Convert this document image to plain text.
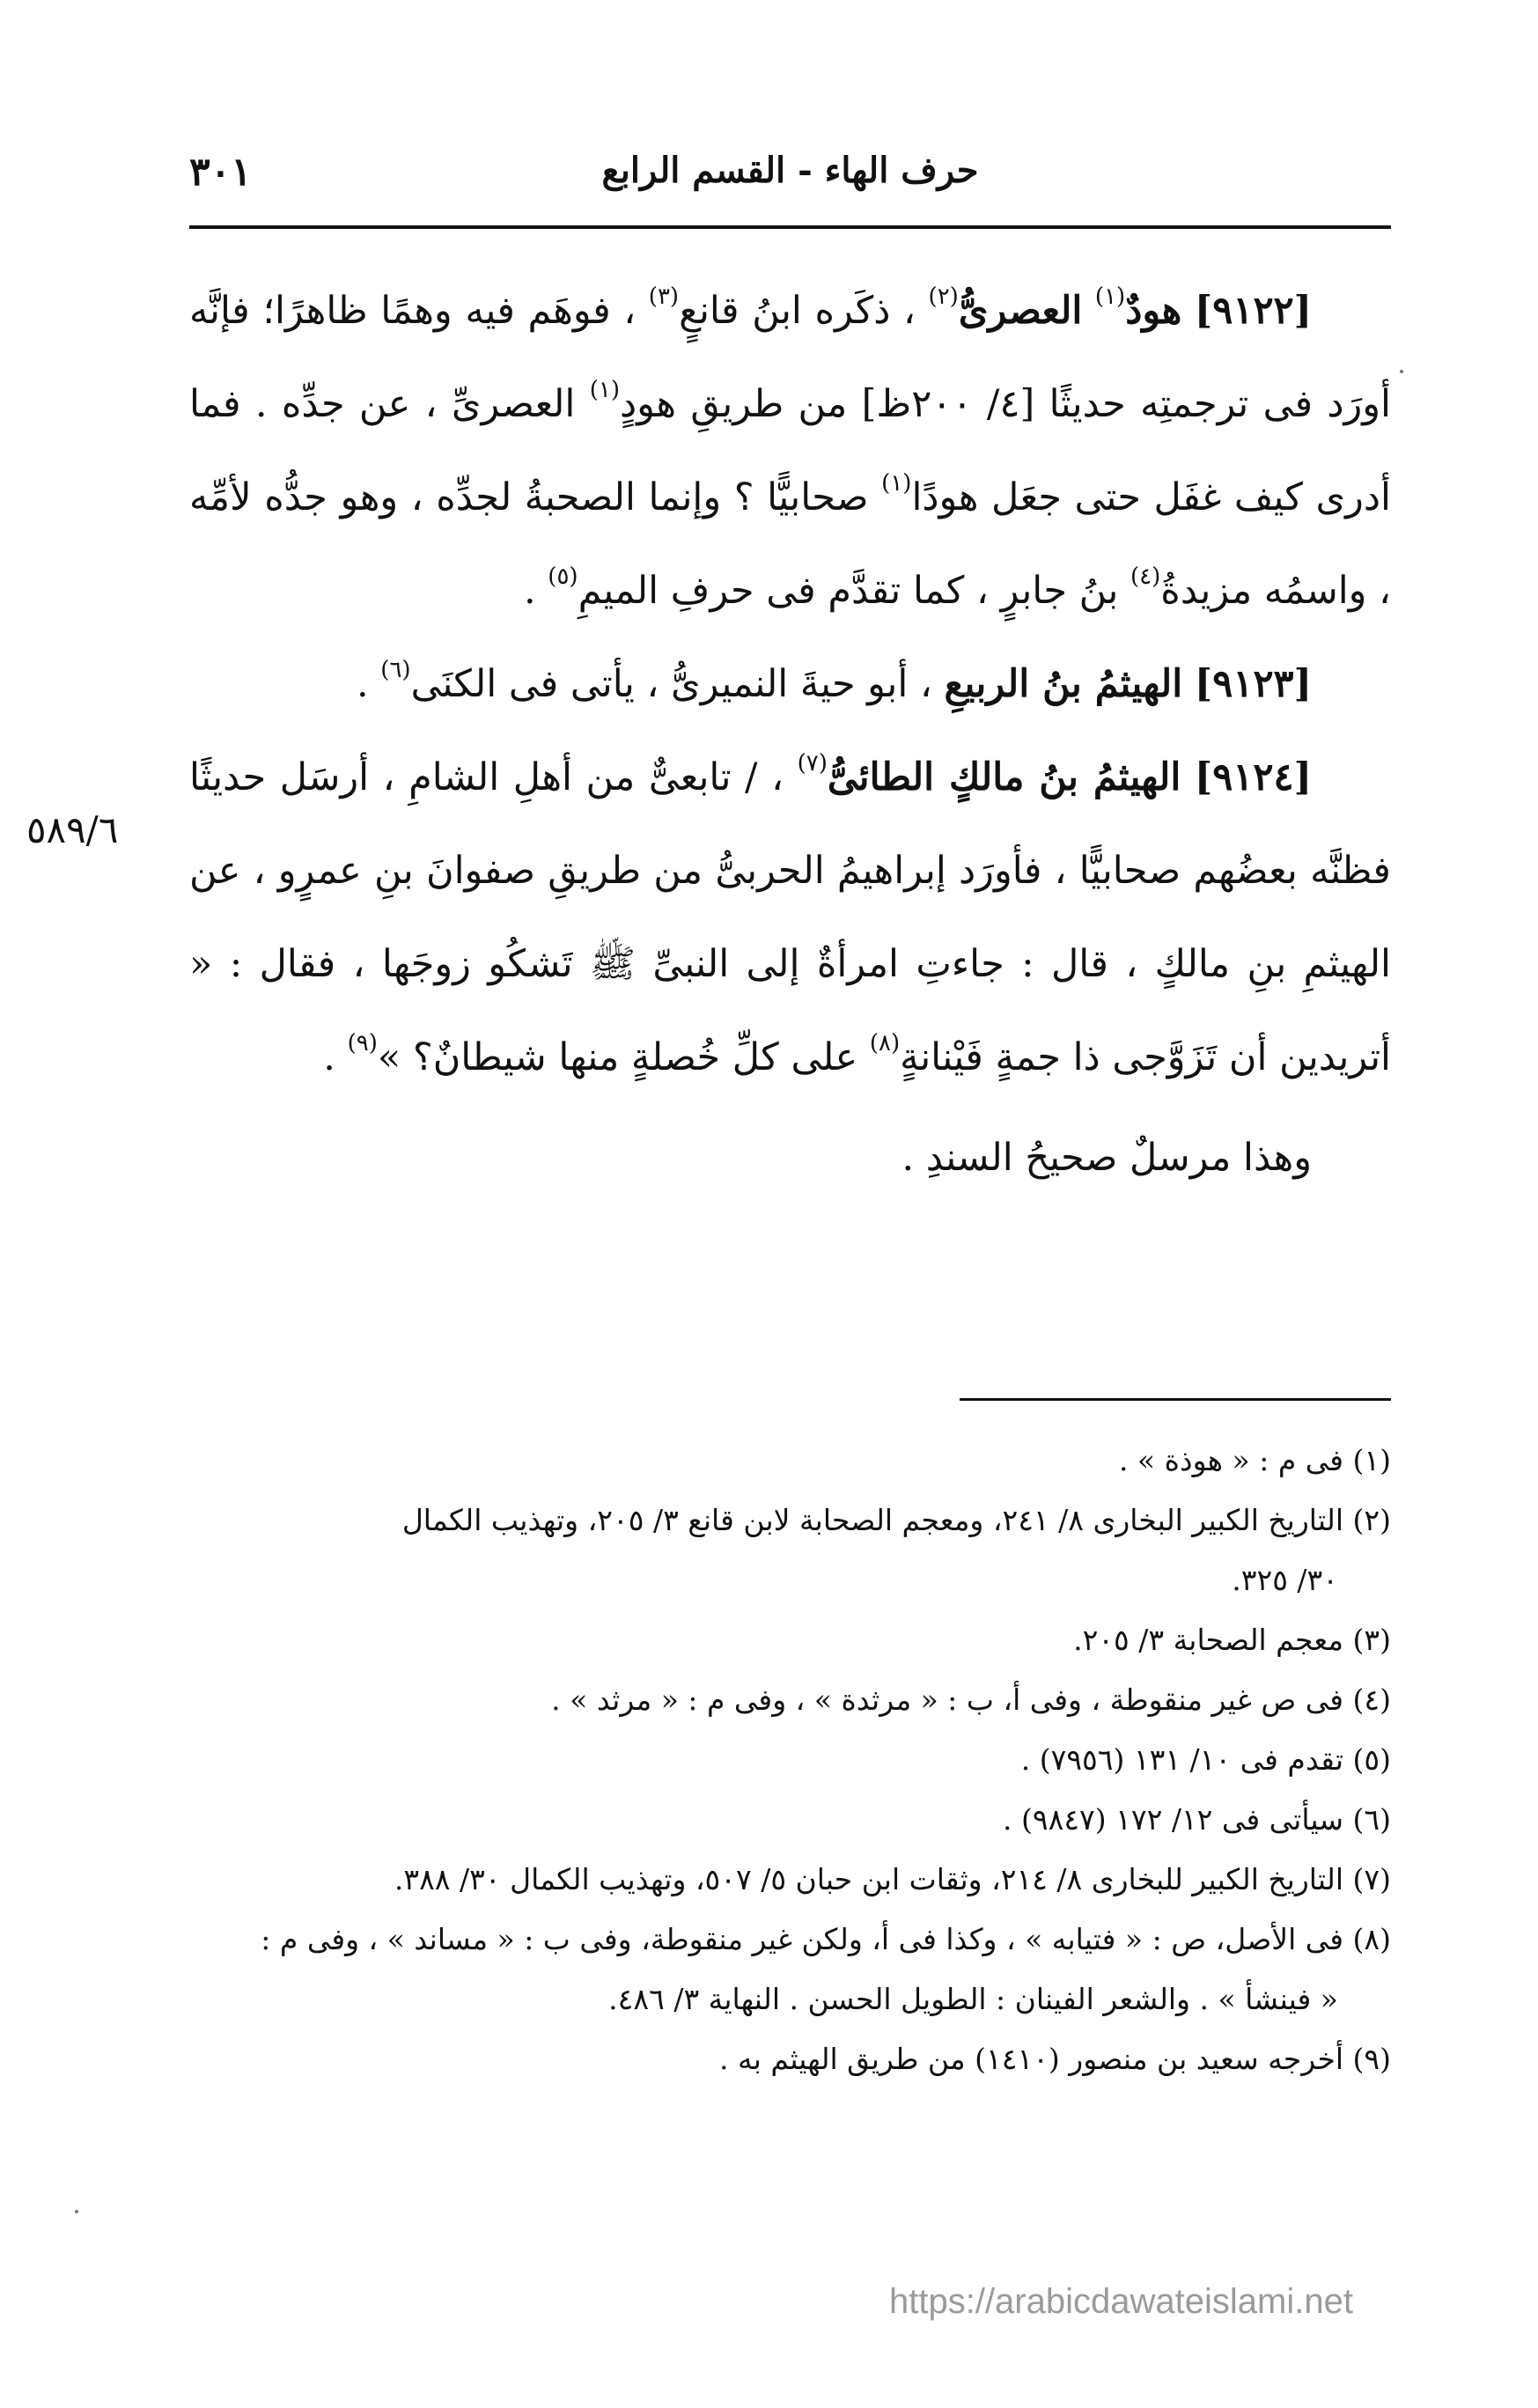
٣٠١	حرف الهاء - القسم الرابع

[٩١٢٢] هودٌ$^{(١)}$ العصرىُّ$^{(٢)}$ ، ذكَره ابنُ قانعٍ$^{(٣)}$ ، فوهَم فيه وهمًا ظاهرًا؛ فإنَّه أورَد فى ترجمتِه حديثًا [٤/ ٢٠٠ظ] من طريقِ هودٍ$^{(١)}$ العصرىِّ ، عن جدِّه . فما أدرى كيف غفَل حتى جعَل هودًا$^{(١)}$ صحابيًّا ؟ وإنما الصحبةُ لجدِّه ، وهو جدُّه لأمِّه ، واسمُه مزيدةُ$^{(٤)}$ بنُ جابرٍ ، كما تقدَّم فى حرفِ الميمِ$^{(٥)}$ .

[٩١٢٣] الهيثمُ بنُ الربيعِ ، أبو حيةَ النميرىُّ ، يأتى فى الكنَى$^{(٦)}$ .

[٩١٢٤] الهيثمُ بنُ مالكٍ الطائىُّ$^{(٧)}$ ، / تابعىٌّ من أهلِ الشامِ ، أرسَل حديثًا فظنَّه بعضُهم صحابيًّا ، فأورَد إبراهيمُ الحربىُّ من طريقِ صفوانَ بنِ عمرٍو ، عن الهيثمِ بنِ مالكٍ ، قال : جاءتِ امرأةٌ إلى النبىِّ ﷺ تَشكُو زوجَها ، فقال : « أتريدين أن تَزَوَّجى ذا جمةٍ فَيْنانةٍ$^{(٨)}$ على كلِّ خُصلةٍ منها شيطانٌ؟ »$^{(٩)}$ .

وهذا مرسلٌ صحيحُ السندِ .

٥٨٩/٦

(١) فى م : « هوذة » .

(٢) التاريخ الكبير البخارى ٨/ ٢٤١، ومعجم الصحابة لابن قانع ٣/ ٢٠٥، وتهذيب الكمال
٣٠/ ٣٢٥.

(٣) معجم الصحابة ٣/ ٢٠٥.

(٤) فى ص غير منقوطة ، وفى أ، ب : « مرثدة » ، وفى م : « مرثد » .

(٥) تقدم فى ١٠/ ١٣١ (٧٩٥٦) .

(٦) سيأتى فى ١٢/ ١٧٢ (٩٨٤٧) .

(٧) التاريخ الكبير للبخارى ٨/ ٢١٤، وثقات ابن حبان ٥/ ٥٠٧، وتهذيب الكمال ٣٠/ ٣٨٨.

(٨) فى الأصل، ص : « فتيابه » ، وكذا فى أ، ولكن غير منقوطة، وفى ب : « مساند » ، وفى م :
« فينشأ » . والشعر الفينان : الطويل الحسن . النهاية ٣/ ٤٨٦.

(٩) أخرجه سعيد بن منصور (١٤١٠) من طريق الهيثم به .

https://arabicdawateislami.net
